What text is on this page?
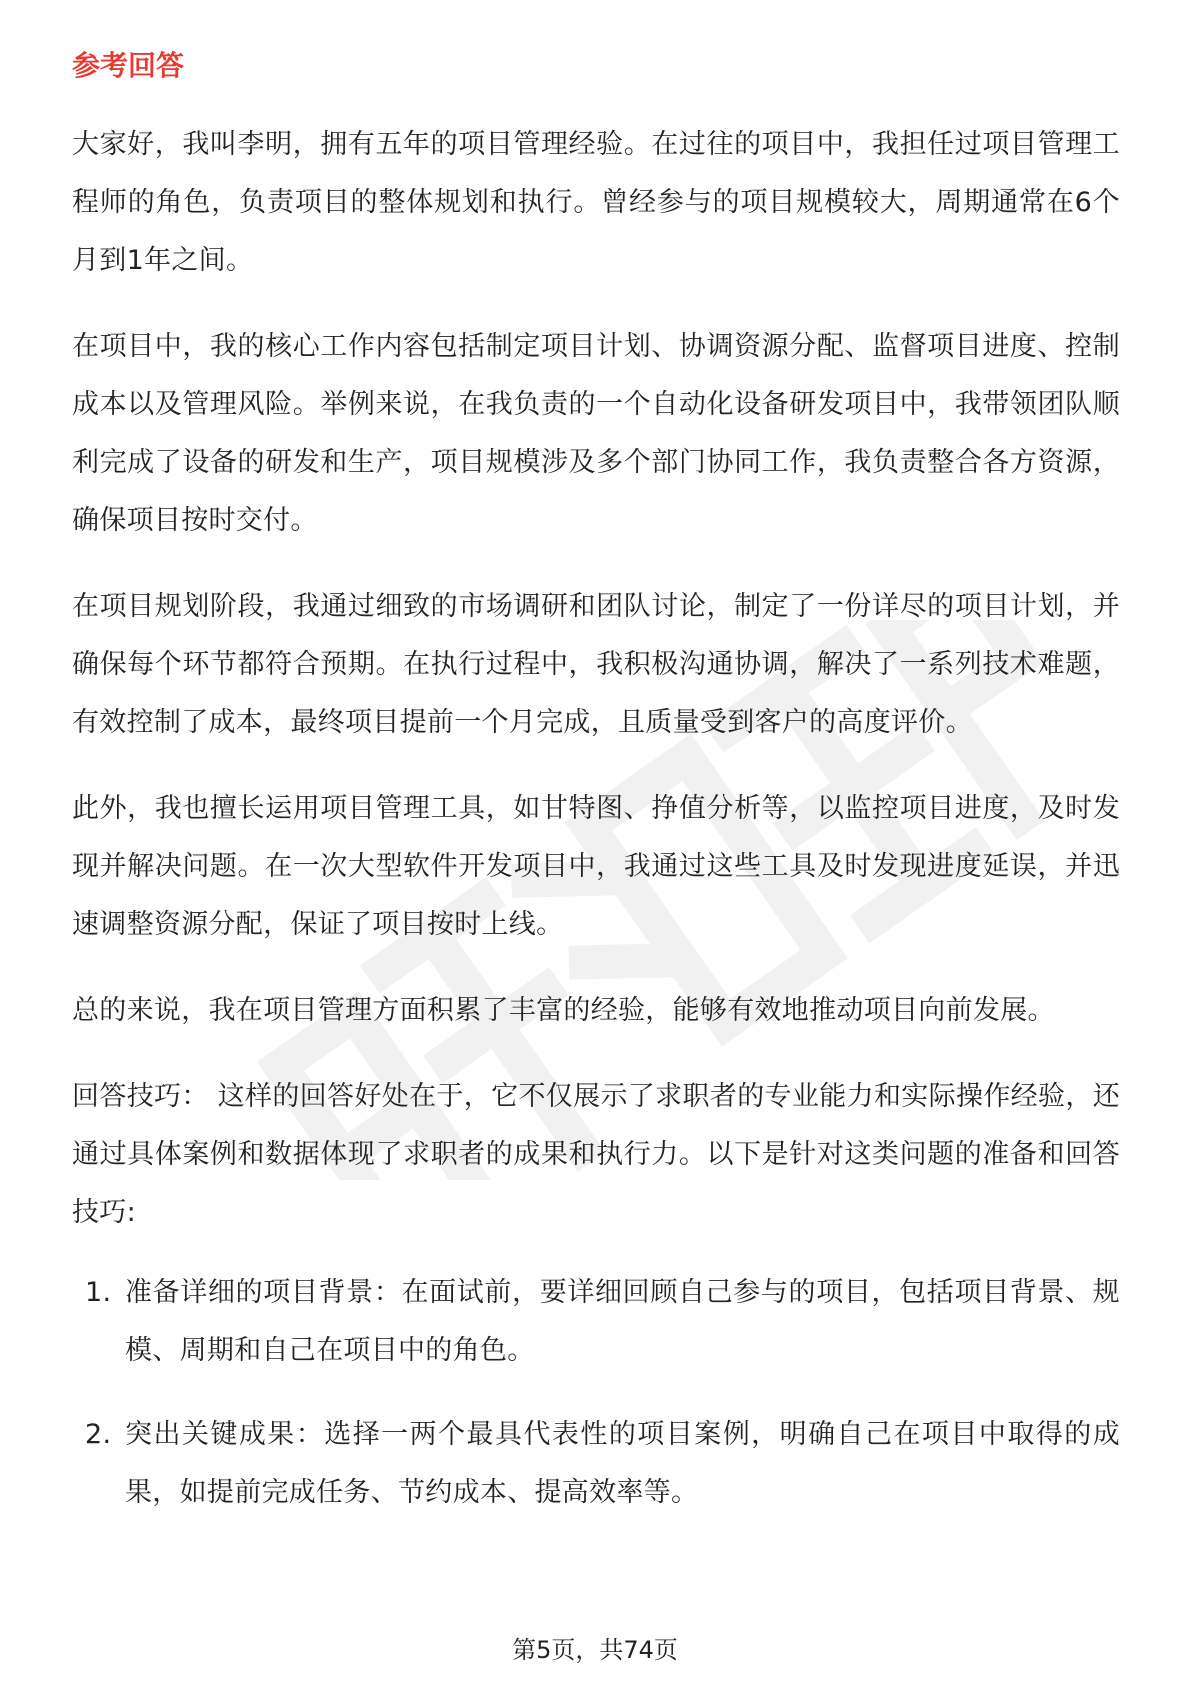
参考回答

大家好，我叫李明，拥有五年的项目管理经验。在过往的项目中，我担任过项目管理工程师的角色，负责项目的整体规划和执行。曾经参与的项目规模较大，周期通常在6个月到1年之间。

在项目中，我的核心工作内容包括制定项目计划、协调资源分配、监督项目进度、控制成本以及管理风险。举例来说，在我负责的一个自动化设备研发项目中，我带领团队顺利完成了设备的研发和生产，项目规模涉及多个部门协同工作，我负责整合各方资源，确保项目按时交付。

在项目规划阶段，我通过细致的市场调研和团队讨论，制定了一份详尽的项目计划，并确保每个环节都符合预期。在执行过程中，我积极沟通协调，解决了一系列技术难题，有效控制了成本，最终项目提前一个月完成，且质量受到客户的高度评价。

此外，我也擅长运用项目管理工具，如甘特图、挣值分析等，以监控项目进度，及时发现并解决问题。在一次大型软件开发项目中，我通过这些工具及时发现进度延误，并迅速调整资源分配，保证了项目按时上线。

总的来说，我在项目管理方面积累了丰富的经验，能够有效地推动项目向前发展。

回答技巧： 这样的回答好处在于，它不仅展示了求职者的专业能力和实际操作经验，还通过具体案例和数据体现了求职者的成果和执行力。以下是针对这类问题的准备和回答技巧:

1. 准备详细的项目背景：在面试前，要详细回顾自己参与的项目，包括项目背景、规模、周期和自己在项目中的角色。
2. 突出关键成果：选择一两个最具代表性的项目案例，明确自己在项目中取得的成果，如提前完成任务、节约成本、提高效率等。
第5页，共74页
